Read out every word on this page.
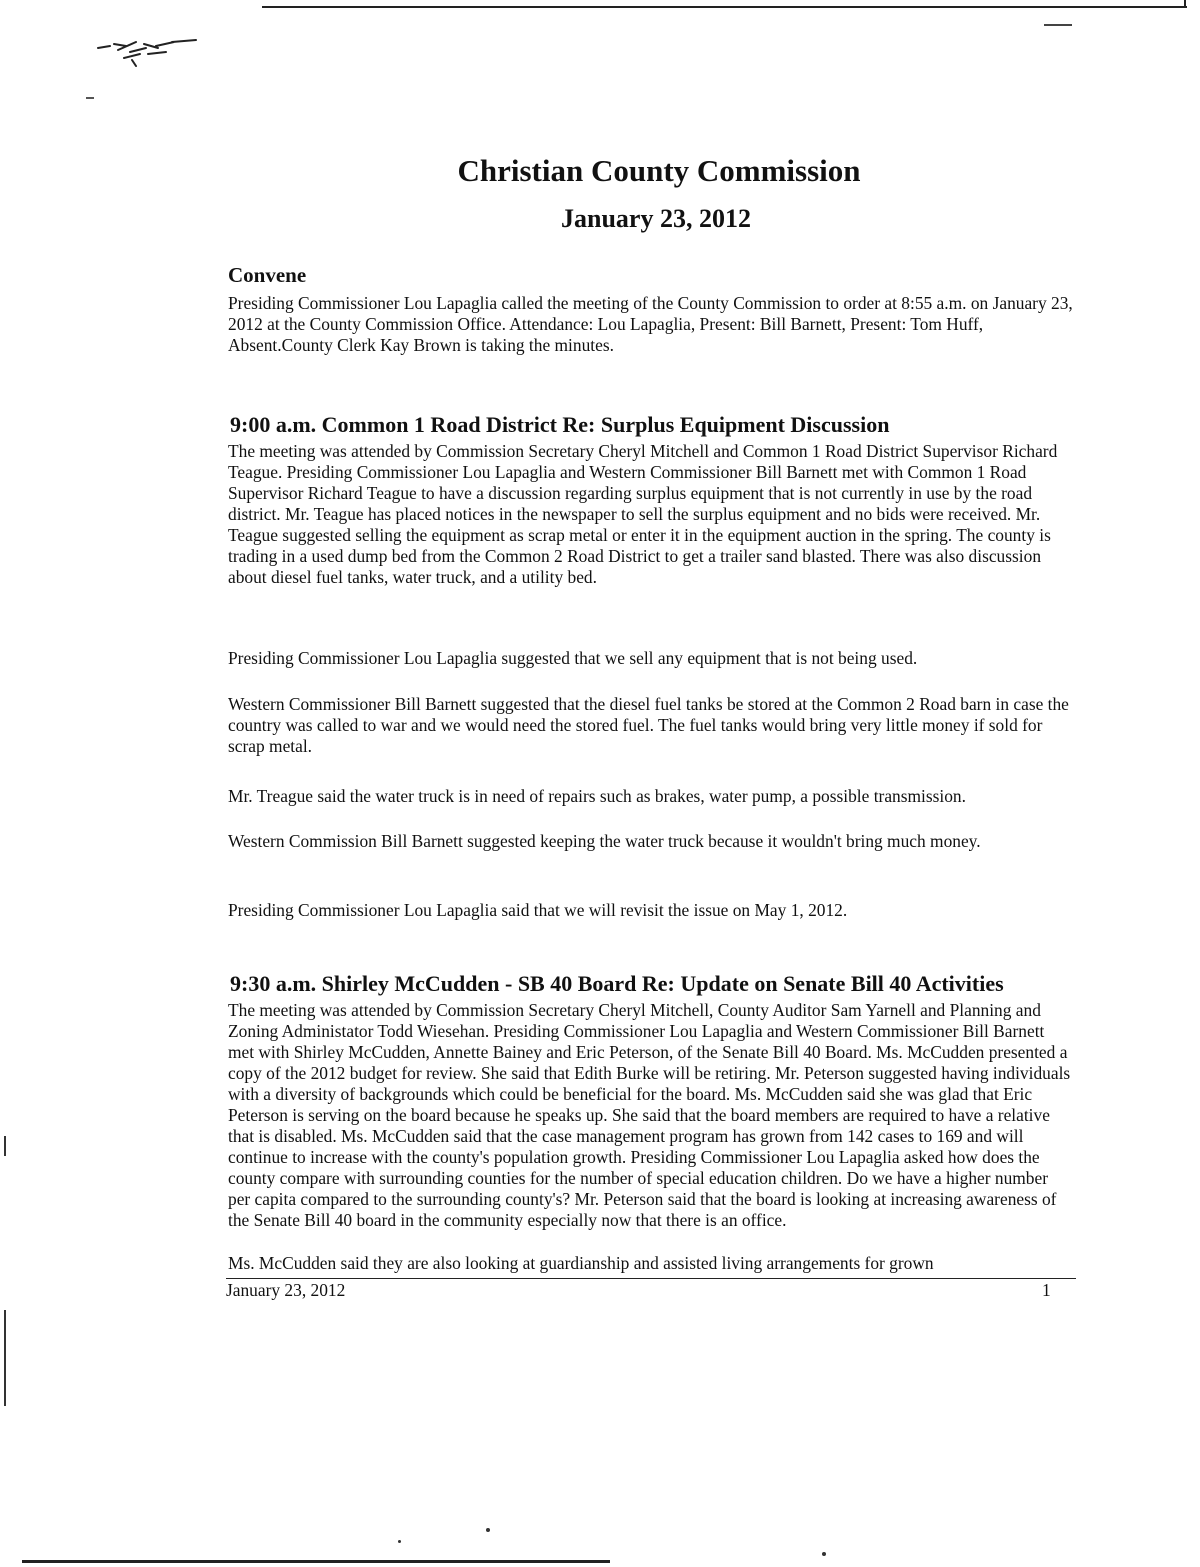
Christian County Commission
January 23, 2012
Convene

Presiding Commissioner Lou Lapaglia called the meeting of the County Commission to order at 8:55 a.m. on January 23, 2012 at the County Commission Office. Attendance: Lou Lapaglia, Present: Bill Barnett, Present: Tom Huff, Absent.County Clerk Kay Brown is taking the minutes.

9:00 a.m. Common 1 Road District Re: Surplus Equipment Discussion

The meeting was attended by Commission Secretary Cheryl Mitchell and Common 1 Road District Supervisor Richard Teague. Presiding Commissioner Lou Lapaglia and Western Commissioner Bill Barnett met with Common 1 Road Supervisor Richard Teague to have a discussion regarding surplus equipment that is not currently in use by the road district. Mr. Teague has placed notices in the newspaper to sell the surplus equipment and no bids were received. Mr. Teague suggested selling the equipment as scrap metal or enter it in the equipment auction in the spring. The county is trading in a used dump bed from the Common 2 Road District to get a trailer sand blasted. There was also discussion about diesel fuel tanks, water truck, and a utility bed.

Presiding Commissioner Lou Lapaglia suggested that we sell any equipment that is not being used.

Western Commissioner Bill Barnett suggested that the diesel fuel tanks be stored at the Common 2 Road barn in case the country was called to war and we would need the stored fuel. The fuel tanks would bring very little money if sold for scrap metal.

Mr. Treague said the water truck is in need of repairs such as brakes, water pump, a possible transmission.

Western Commission Bill Barnett suggested keeping the water truck because it wouldn't bring much money.

Presiding Commissioner Lou Lapaglia said that we will revisit the issue on May 1, 2012.

9:30 a.m. Shirley McCudden - SB 40 Board Re: Update on Senate Bill 40 Activities

The meeting was attended by Commission Secretary Cheryl Mitchell, County Auditor Sam Yarnell and Planning and Zoning Administator Todd Wiesehan. Presiding Commissioner Lou Lapaglia and Western Commissioner Bill Barnett met with Shirley McCudden, Annette Bainey and Eric Peterson, of the Senate Bill 40 Board. Ms. McCudden presented a copy of the 2012 budget for review. She said that Edith Burke will be retiring. Mr. Peterson suggested having individuals with a diversity of backgrounds which could be beneficial for the board. Ms. McCudden said she was glad that Eric Peterson is serving on the board because he speaks up. She said that the board members are required to have a relative that is disabled. Ms. McCudden said that the case management program has grown from 142 cases to 169 and will continue to increase with the county's population growth. Presiding Commissioner Lou Lapaglia asked how does the county compare with surrounding counties for the number of special education children. Do we have a higher number per capita compared to the surrounding county's? Mr. Peterson said that the board is looking at increasing awareness of the Senate Bill 40 board in the community especially now that there is an office.

Ms. McCudden said they are also looking at guardianship and assisted living arrangements for grown

January 23, 2012	1
